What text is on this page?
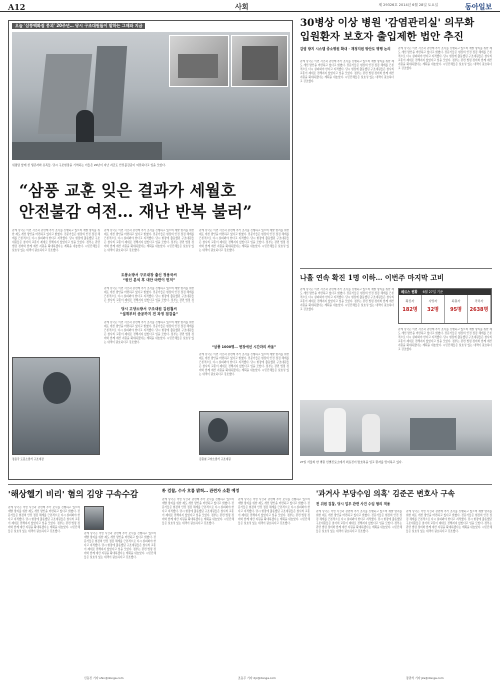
A12	사회	제 29326호 2014년 6월 28일 토요일	동아일보
오늘 '삼풍백화점 붕괴' 20주년… 당시 구조대원들이 말하는 그때와 지금
위령탑 앞에 선 생존자와 유족들. 당시 구조현장을 기억하는 이들은 20년이 지난 지금도 안전불감증이 여전하다고 입을 모았다.
“삼풍 교훈 잊은 결과가 세월호
안전불감 여전… 재난 반복 불러”
관계 당국은 이번 사건과 관련해 추가 조사를 진행하고 있으며 재발 방지를 위한 제도 개선 방안을 마련하고 있다고 밝혔다. 전문가들은 현장의 안전 점검 체계를 근본적으로 다시 살펴봐야 한다고 지적했다. 당시 현장에 출동했던 구조대원들은 참사의 교훈이 제대로 전해지지 않았다고 입을 모았다. 정부는 관련 법령 정비와 함께 예산 지원을 확대하겠다는 계획을 내놓았다. 시민단체들은 실효성 있는 대책이 필요하다고 강조했다.
정용국 도봉소방서 구조대장
관계 당국은 이번 사건과 관련해 추가 조사를 진행하고 있으며 재발 방지를 위한 제도 개선 방안을 마련하고 있다고 밝혔다. 전문가들은 현장의 안전 점검 체계를 근본적으로 다시 살펴봐야 한다고 지적했다. 당시 현장에 출동했던 구조대원들은 참사의 교훈이 제대로 전해지지 않았다고 입을 모았다. 정부는 관련 법령 정비와 함께 예산 지원을 확대하겠다는 계획을 내놓았다. 시민단체들은 실효성 있는 대책이 필요하다고 강조했다.
도봉소방서 구조대장 출신 정용국씨
“원인 분석 후 대안 마련이 먼저”
관계 당국은 이번 사건과 관련해 추가 조사를 진행하고 있으며 재발 방지를 위한 제도 개선 방안을 마련하고 있다고 밝혔다. 전문가들은 현장의 안전 점검 체계를 근본적으로 다시 살펴봐야 한다고 지적했다. 당시 현장에 출동했던 구조대원들은 참사의 교훈이 제대로 전해지지 않았다고 입을 모았다. 정부는 관련 법령 정
당시 고양소방서 구조대원 김원철씨
“설계부터 준공까지 전 과정 점검을”
관계 당국은 이번 사건과 관련해 추가 조사를 진행하고 있으며 재발 방지를 위한 제도 개선 방안을 마련하고 있다고 밝혔다. 전문가들은 현장의 안전 점검 체계를 근본적으로 다시 살펴봐야 한다고 지적했다. 당시 현장에 출동했던 구조대원들은 참사의 교훈이 제대로 전해지지 않았다고 입을 모았다. 정부는 관련 법령 정비와 함께 예산 지원을 확대하겠다는 계획을 내놓았다. 시민단체들은 실효성 있는 대책이 필요하다고 강조했다.
관계 당국은 이번 사건과 관련해 추가 조사를 진행하고 있으며 재발 방지를 위한 제도 개선 방안을 마련하고 있다고 밝혔다. 전문가들은 현장의 안전 점검 체계를 근본적으로 다시 살펴봐야 한다고 지적했다. 당시 현장에 출동했던 구조대원들은 참사의 교훈이 제대로 전해지지 않았다고 입을 모았다. 정부는 관련 법령 정비와 함께 예산 지원을 확대하겠다는 계획을 내놓았다. 시민단체들은 실효성 있는 대책이 필요하다고 강조했다.
“삼풍 1000명… 현장에선 시간과의 싸움”
관계 당국은 이번 사건과 관련해 추가 조사를 진행하고 있으며 재발 방지를 위한 제도 개선 방안을 마련하고 있다고 밝혔다. 전문가들은 현장의 안전 점검 체계를 근본적으로 다시 살펴봐야 한다고 지적했다. 당시 현장에 출동했던 구조대원들은 참사의 교훈이 제대로 전해지지 않았다고 입을 모았다. 정부는 관련 법령 정비와 함께 예산 지원을 확대하겠다는 계획을 내놓았다. 시민단체들은 실효성 있는 대책이 필요하다고 강조했다.
김원철 고양소방서 구조대원
30병상 이상 병원 '감염관리실' 의무화
입원환자 보호자 출입제한 법안 추진
감염 방지 시스템 중소병원 확대 · 재정지원 방안도 병행 논의
관계 당국은 이번 사건과 관련해 추가 조사를 진행하고 있으며 재발 방지를 위한 제도 개선 방안을 마련하고 있다고 밝혔다. 전문가들은 현장의 안전 점검 체계를 근본적으로 다시 살펴봐야 한다고 지적했다. 당시 현장에 출동했던 구조대원들은 참사의 교훈이 제대로 전해지지 않았다고 입을 모았다. 정부는 관련 법령 정비와 함께 예산 지원을 확대하겠다는 계획을 내놓았다. 시민단체들은 실효성 있는 대책이 필요하다고 강조했다.
관계 당국은 이번 사건과 관련해 추가 조사를 진행하고 있으며 재발 방지를 위한 제도 개선 방안을 마련하고 있다고 밝혔다. 전문가들은 현장의 안전 점검 체계를 근본적으로 다시 살펴봐야 한다고 지적했다. 당시 현장에 출동했던 구조대원들은 참사의 교훈이 제대로 전해지지 않았다고 입을 모았다. 정부는 관련 법령 정비와 함께 예산 지원을 확대하겠다는 계획을 내놓았다. 시민단체들은 실효성 있는 대책이 필요하다고 강조했다.
나흘 연속 확진 1명 이하… 이번주 마지막 고비
관계 당국은 이번 사건과 관련해 추가 조사를 진행하고 있으며 재발 방지를 위한 제도 개선 방안을 마련하고 있다고 밝혔다. 전문가들은 현장의 안전 점검 체계를 근본적으로 다시 살펴봐야 한다고 지적했다. 당시 현장에 출동했던 구조대원들은 참사의 교훈이 제대로 전해지지 않았다고 입을 모았다. 정부는 관련 법령 정비와 함께 예산 지원을 확대하겠다는 계획을 내놓았다. 시민단체들은 실효성 있는 대책이 필요하다고 강조했다.
메르스 현황 6월 27일 기준
확진자
182명
사망자
32명
퇴원자
95명
격리자
2638명
관계 당국은 이번 사건과 관련해 추가 조사를 진행하고 있으며 재발 방지를 위한 제도 개선 방안을 마련하고 있다고 밝혔다. 전문가들은 현장의 안전 점검 체계를 근본적으로 다시 살펴봐야 한다고 지적했다. 당시 현장에 출동했던 구조대원들은 참사의 교훈이 제대로 전해지지 않았다고 입을 모았다. 정부는 관련 법령 정비와 함께 예산 지원을 확대하겠다는 계획을 내놓았다. 시민단체들은 실효성 있는 대책이 필요하다고 강조했다.
27일 서울의 한 병원 선별진료소에서 의료진이 방호복을 입고 환자를 맞이하고 있다.
'해상헬기 비리' 혐의 김양 구속수감
관계 당국은 이번 사건과 관련해 추가 조사를 진행하고 있으며 재발 방지를 위한 제도 개선 방안을 마련하고 있다고 밝혔다. 전문가들은 현장의 안전 점검 체계를 근본적으로 다시 살펴봐야 한다고 지적했다. 당시 현장에 출동했던 구조대원들은 참사의 교훈이 제대로 전해지지 않았다고 입을 모았다. 정부는 관련 법령 정비와 함께 예산 지원을 확대하겠다는 계획을 내놓았다. 시민단체들은 실효성 있는 대책이 필요하다고 강조했다.
관계 당국은 이번 사건과 관련해 추가 조사를 진행하고 있으며 재발 방지를 위한 제도 개선 방안을 마련하고 있다고 밝혔다. 전문가들은 현장의 안전 점검 체계를 근본적으로 다시 살펴봐야 한다고 지적했다. 당시 현장에 출동했던 구조대원들은 참사의 교훈이 제대로 전해지지 않았다고 입을 모았다. 정부는 관련 법령 정비와 함께 예산 지원을 확대하겠다는 계획을 내놓았다. 시민단체들은 실효성 있는 대책이 필요하다고 강조했다.
신동진 기자 shin@donga.com
朴 검찰, 수사 흐름 밝혀… 관련자 소환 예정
관계 당국은 이번 사건과 관련해 추가 조사를 진행하고 있으며 재발 방지를 위한 제도 개선 방안을 마련하고 있다고 밝혔다. 전문가들은 현장의 안전 점검 체계를 근본적으로 다시 살펴봐야 한다고 지적했다. 당시 현장에 출동했던 구조대원들은 참사의 교훈이 제대로 전해지지 않았다고 입을 모았다. 정부는 관련 법령 정비와 함께 예산 지원을 확대하겠다는 계획을 내놓았다. 시민단체들은 실효성 있는 대책이 필요하다고 강조했다.
관계 당국은 이번 사건과 관련해 추가 조사를 진행하고 있으며 재발 방지를 위한 제도 개선 방안을 마련하고 있다고 밝혔다. 전문가들은 현장의 안전 점검 체계를 근본적으로 다시 살펴봐야 한다고 지적했다. 당시 현장에 출동했던 구조대원들은 참사의 교훈이 제대로 전해지지 않았다고 입을 모았다. 정부는 관련 법령 정비와 함께 예산 지원을 확대하겠다는 계획을 내놓았다. 시민단체들은 실효성 있는 대책이 필요하다고 강조했다.
조동주 기자 djc@donga.com
'과거사 부당수임 의혹' 김준곤 변호사 구속
전 위원 검찰, 당시 업무 관련 사건 수임 혐의 적용
관계 당국은 이번 사건과 관련해 추가 조사를 진행하고 있으며 재발 방지를 위한 제도 개선 방안을 마련하고 있다고 밝혔다. 전문가들은 현장의 안전 점검 체계를 근본적으로 다시 살펴봐야 한다고 지적했다. 당시 현장에 출동했던 구조대원들은 참사의 교훈이 제대로 전해지지 않았다고 입을 모았다. 정부는 관련 법령 정비와 함께 예산 지원을 확대하겠다는 계획을 내놓았다. 시민단체들은 실효성 있는 대책이 필요하다고 강조했다.
관계 당국은 이번 사건과 관련해 추가 조사를 진행하고 있으며 재발 방지를 위한 제도 개선 방안을 마련하고 있다고 밝혔다. 전문가들은 현장의 안전 점검 체계를 근본적으로 다시 살펴봐야 한다고 지적했다. 당시 현장에 출동했던 구조대원들은 참사의 교훈이 제대로 전해지지 않았다고 입을 모았다. 정부는 관련 법령 정비와 함께 예산 지원을 확대하겠다는 계획을 내놓았다. 시민단체들은 실효성 있는 대책이 필요하다고 강조했다.
장관석 기자 jks@donga.com
